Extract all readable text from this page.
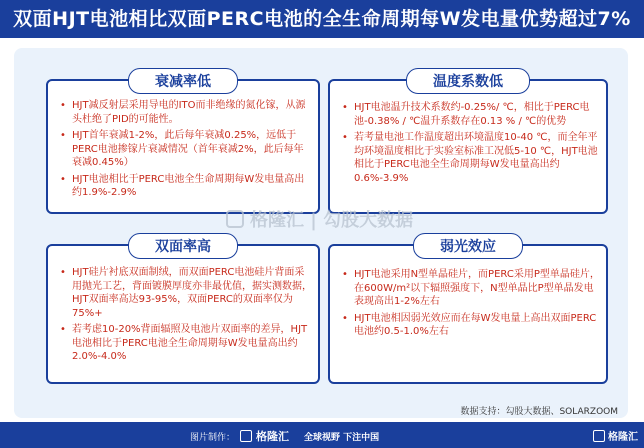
双面HJT电池相比双面PERC电池的全生命周期每W发电量优势超过7%
衰减率低
• HJT减反射层采用导电的ITO而非绝缘的氮化镓，从源头杜绝了PID的可能性。
• HJT首年衰减1-2%，此后每年衰减0.25%，远低于PERC电池掺镓片衰减情况（首年衰减2%，此后每年衰减0.45%）
• HJT电池相比于PERC电池全生命周期每W发电量高出约1.9%-2.9%
温度系数低
• HJT电池温升技术系数约-0.25%/ ℃，相比于PERC电池-0.38% / ℃温升系数存在0.13 % / ℃的优势
• 若考量电池工作温度超出环境温度10-40 ℃，而全年平均环境温度相比于实验室标准工况低5-10 ℃，HJT电池相比于PERC电池全生命周期每W发电量高出约0.6%-3.9%
双面率高
• HJT硅片衬底双面制绒，而双面PERC电池硅片背面采用抛光工艺，背面镀膜厚度亦非最优值，据实测数据，HJT双面率高达93-95%，双面PERC的双面率仅为75%+
• 若考虑10-20%背面辐照及电池片双面率的差异，HJT电池相比于PERC电池全生命周期每W发电量高出约2.0%-4.0%
弱光效应
• HJT电池采用N型单晶硅片，而PERC采用P型单晶硅片，在600W/m²以下辐照强度下，N型单晶比P型单晶发电表现高出1-2%左右
• HJT电池相因弱光效应而在每W发电量上高出双面PERC电池约0.5-1.0%左右
格隆汇 | 勾股大数据
数据支持：勾股大数据、SOLARZOOM
图片制作： 格隆汇 全球视野 下注中国	格隆汇
